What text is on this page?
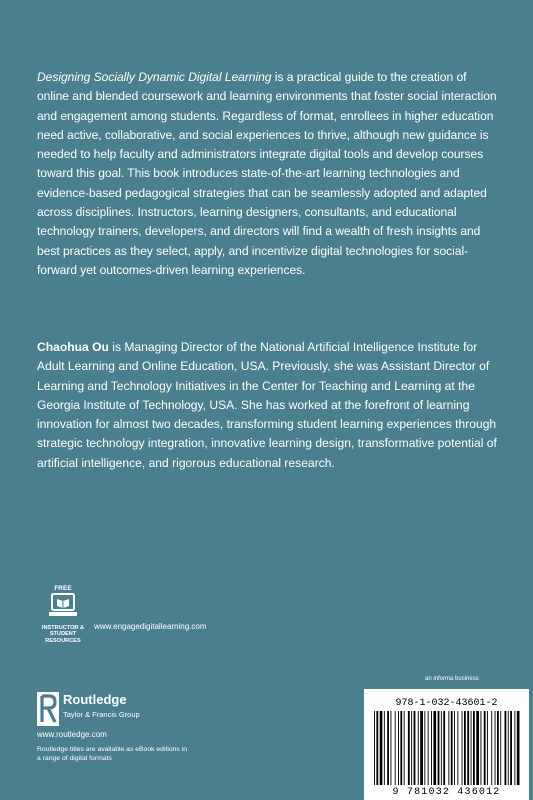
Designing Socially Dynamic Digital Learning is a practical guide to the creation of online and blended coursework and learning environments that foster social interaction and engagement among students. Regardless of format, enrollees in higher education need active, collaborative, and social experiences to thrive, although new guidance is needed to help faculty and administrators integrate digital tools and develop courses toward this goal. This book introduces state-of-the-art learning technologies and evidence-based pedagogical strategies that can be seamlessly adopted and adapted across disciplines. Instructors, learning designers, consultants, and educational technology trainers, developers, and directors will find a wealth of fresh insights and best practices as they select, apply, and incentivize digital technologies for social-forward yet outcomes-driven learning experiences.

Chaohua Ou is Managing Director of the National Artificial Intelligence Institute for Adult Learning and Online Education, USA. Previously, she was Assistant Director of Learning and Technology Initiatives in the Center for Teaching and Learning at the Georgia Institute of Technology, USA. She has worked at the forefront of learning innovation for almost two decades, transforming student learning experiences through strategic technology integration, innovative learning design, transformative potential of artificial intelligence, and rigorous educational research.

FREE
INSTRUCTOR & STUDENT RESOURCES
www.engagedigitallearning.com
an informa business
Routledge
Taylor & Francis Group
www.routledge.com
Routledge titles are available as eBook editions in a range of digital formats
978-1-032-43601-2
9 781032 436012
